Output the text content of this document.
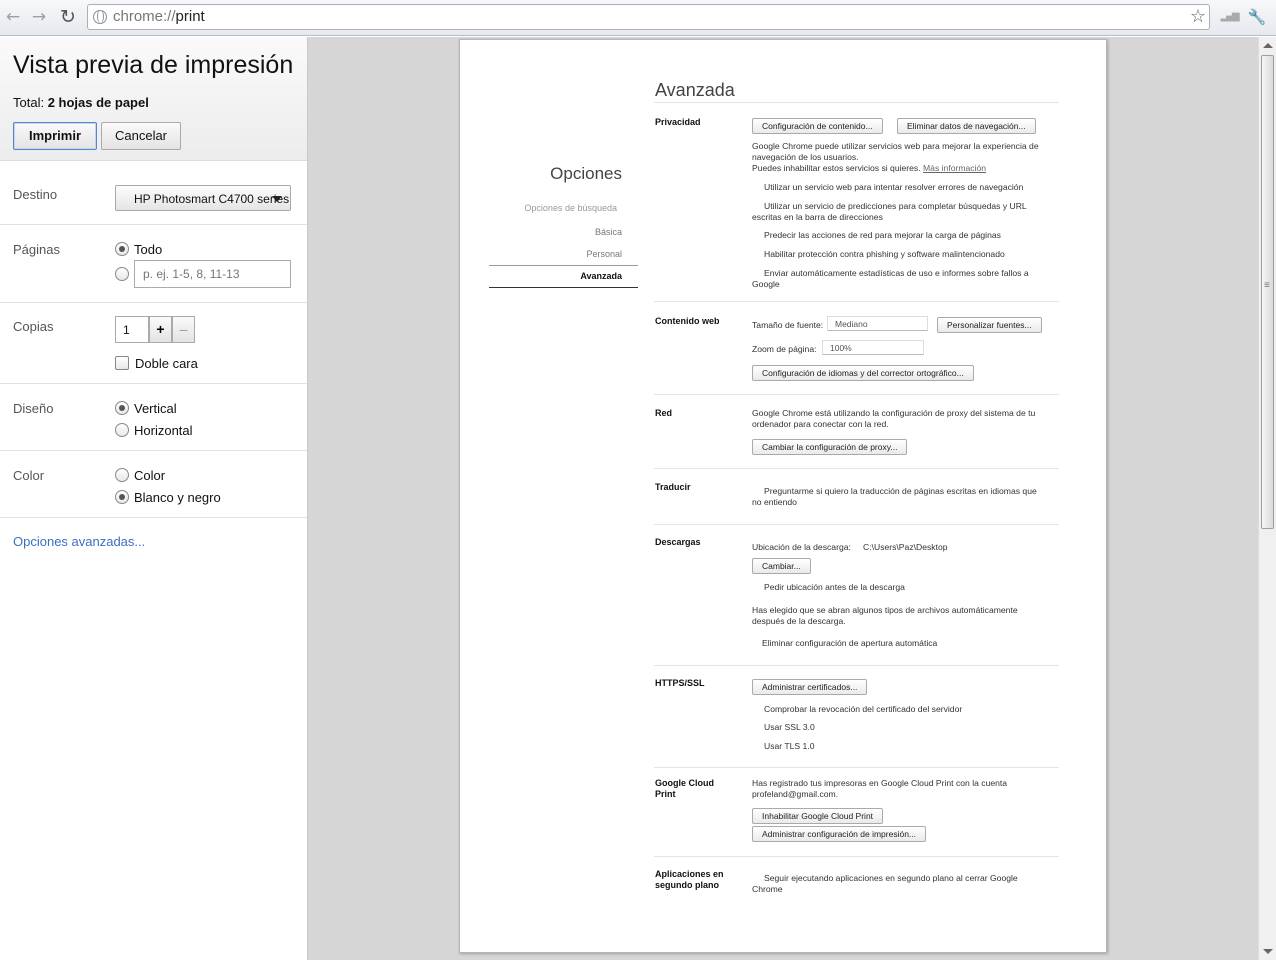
← → ↻ chrome://print	☆ ▂▄▆ 🔧
Vista previa de impresión
Total: 2 hojas de papel
Imprimir	Cancelar
Destino	HP Photosmart C4700 series
Páginas	Todo
p. ej. 1-5, 8, 11-13
Copias	1	+	–
Doble cara
Diseño	Vertical
Horizontal
Color	Color
Blanco y negro
Opciones avanzadas...
Opciones
Opciones de búsqueda
Básica
Personal
Avanzada
Avanzada
Privacidad	Configuración de contenido...	Eliminar datos de navegación...
Google Chrome puede utilizar servicios web para mejorar la experiencia de
navegación de los usuarios.
Puedes inhabilitar estos servicios si quieres. Más información
Utilizar un servicio web para intentar resolver errores de navegación
Utilizar un servicio de predicciones para completar búsquedas y URL
escritas en la barra de direcciones
Predecir las acciones de red para mejorar la carga de páginas
Habilitar protección contra phishing y software malintencionado
Enviar automáticamente estadísticas de uso e informes sobre fallos a
Google
Contenido web	Tamaño de fuente:	Mediano	Personalizar fuentes...
Zoom de página:	100%
Configuración de idiomas y del corrector ortográfico...
Red	Google Chrome está utilizando la configuración de proxy del sistema de tu
ordenador para conectar con la red.
Cambiar la configuración de proxy...
Traducir	Preguntarme si quiero la traducción de páginas escritas en idiomas que
no entiendo
Descargas	Ubicación de la descarga: C:\Users\Paz\Desktop
Cambiar...
Pedir ubicación antes de la descarga
Has elegido que se abran algunos tipos de archivos automáticamente
después de la descarga.
Eliminar configuración de apertura automática
HTTPS/SSL	Administrar certificados...
Comprobar la revocación del certificado del servidor
Usar SSL 3.0
Usar TLS 1.0
Google Cloud
Print
Has registrado tus impresoras en Google Cloud Print con la cuenta
profeland@gmail.com.
Inhabilitar Google Cloud Print
Administrar configuración de impresión...
Aplicaciones en
segundo plano
Seguir ejecutando aplicaciones en segundo plano al cerrar Google
Chrome
≡
